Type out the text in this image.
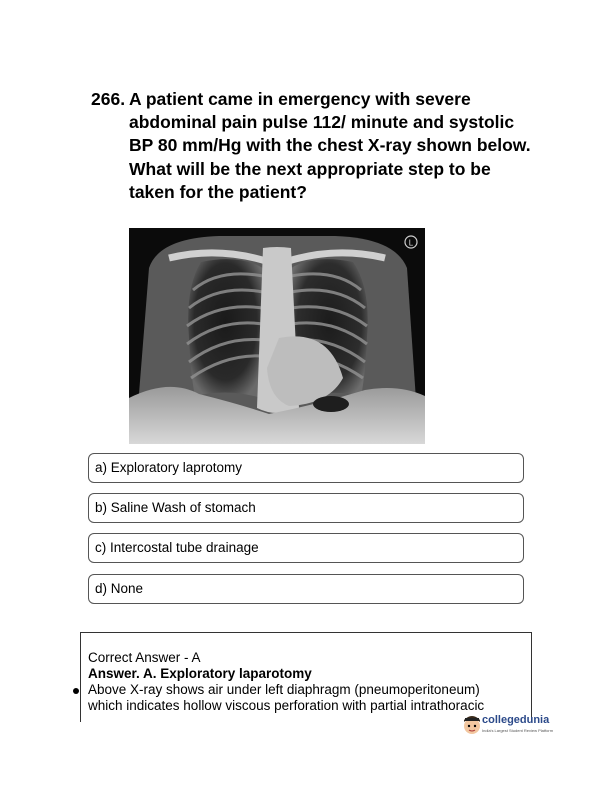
266. A patient came in emergency with severe abdominal pain pulse 112/ minute and systolic BP 80 mm/Hg with the chest X-ray shown below. What will be the next appropriate step to be taken for the patient?
L
a) Exploratory laprotomy
b) Saline Wash of stomach
c) Intercostal tube drainage
d) None
Correct Answer - A
Answer. A. Exploratory laparotomy
Above X-ray shows air under left diaphragm (pneumoperitoneum)
which indicates hollow viscous perforation with partial intrathoracic
collegedunia
India's Largest Student Review Platform
